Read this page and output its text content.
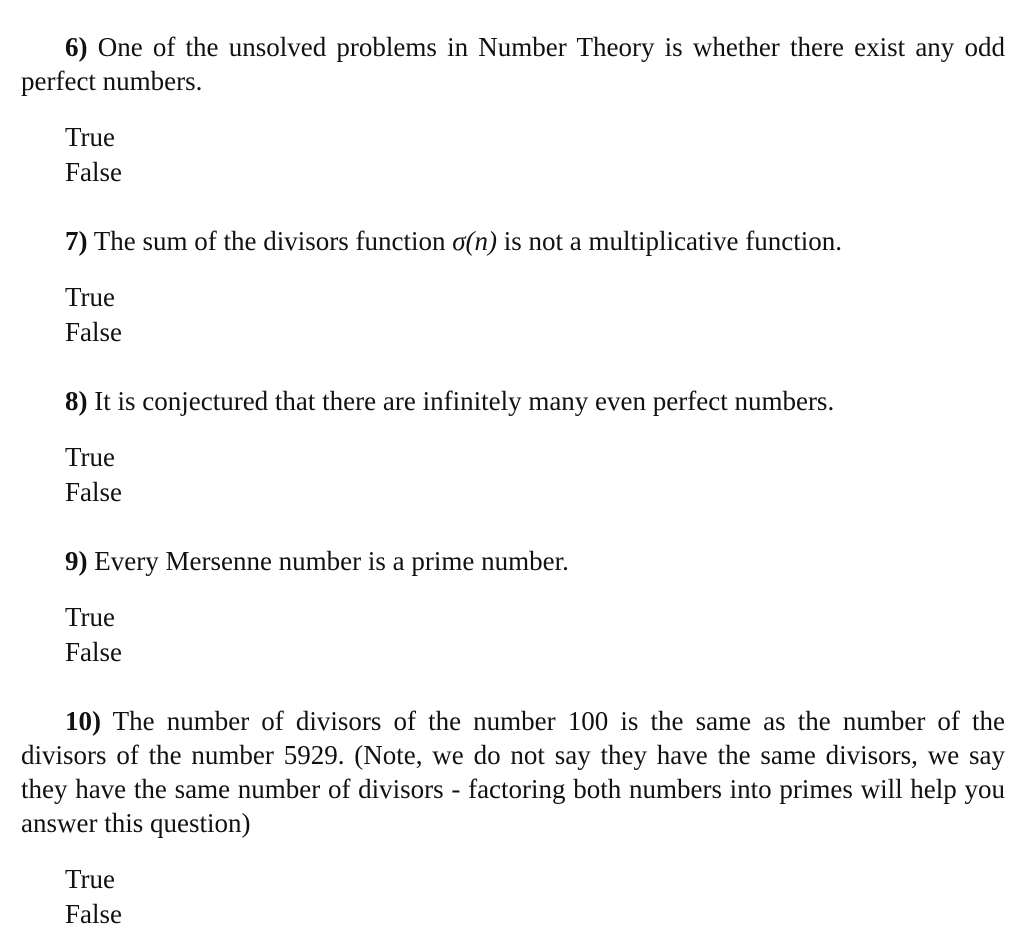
6) One of the unsolved problems in Number Theory is whether there exist any odd perfect numbers.

True
False

7) The sum of the divisors function σ(n) is not a multiplicative function.

True
False

8) It is conjectured that there are infinitely many even perfect numbers.

True
False

9) Every Mersenne number is a prime number.

True
False

10) The number of divisors of the number 100 is the same as the number of the divisors of the number 5929. (Note, we do not say they have the same divisors, we say they have the same number of divisors - factoring both numbers into primes will help you answer this question)

True
False
